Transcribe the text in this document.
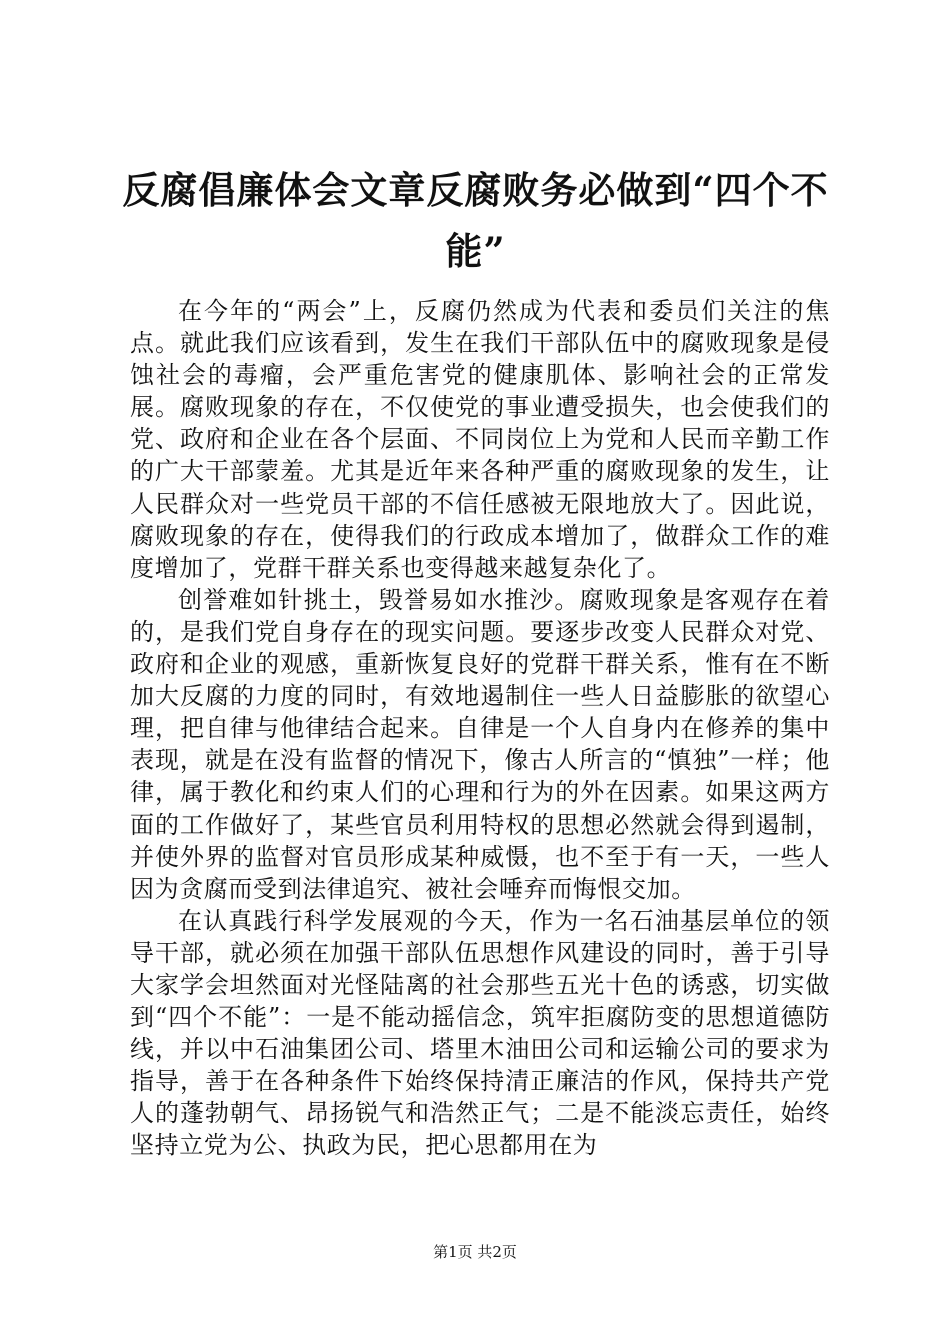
反腐倡廉体会文章反腐败务必做到“四个不能”

在今年的“两会”上，反腐仍然成为代表和委员们关注的焦点。就此我们应该看到，发生在我们干部队伍中的腐败现象是侵蚀社会的毒瘤，会严重危害党的健康肌体、影响社会的正常发展。腐败现象的存在，不仅使党的事业遭受损失，也会使我们的党、政府和企业在各个层面、不同岗位上为党和人民而辛勤工作的广大干部蒙羞。尤其是近年来各种严重的腐败现象的发生，让人民群众对一些党员干部的不信任感被无限地放大了。因此说，腐败现象的存在，使得我们的行政成本增加了，做群众工作的难度增加了，党群干群关系也变得越来越复杂化了。

创誉难如针挑土，毁誉易如水推沙。腐败现象是客观存在着的，是我们党自身存在的现实问题。要逐步改变人民群众对党、政府和企业的观感，重新恢复良好的党群干群关系，惟有在不断加大反腐的力度的同时，有效地遏制住一些人日益膨胀的欲望心理，把自律与他律结合起来。自律是一个人自身内在修养的集中表现，就是在没有监督的情况下，像古人所言的“慎独”一样；他律，属于教化和约束人们的心理和行为的外在因素。如果这两方面的工作做好了，某些官员利用特权的思想必然就会得到遏制，并使外界的监督对官员形成某种威慑，也不至于有一天，一些人因为贪腐而受到法律追究、被社会唾弃而悔恨交加。

在认真践行科学发展观的今天，作为一名石油基层单位的领导干部，就必须在加强干部队伍思想作风建设的同时，善于引导大家学会坦然面对光怪陆离的社会那些五光十色的诱惑，切实做到“四个不能”：一是不能动摇信念，筑牢拒腐防变的思想道德防线，并以中石油集团公司、塔里木油田公司和运输公司的要求为指导，善于在各种条件下始终保持清正廉洁的作风，保持共产党人的蓬勃朝气、昂扬锐气和浩然正气；二是不能淡忘责任，始终坚持立党为公、执政为民，把心思都用在为

第1页 共2页
